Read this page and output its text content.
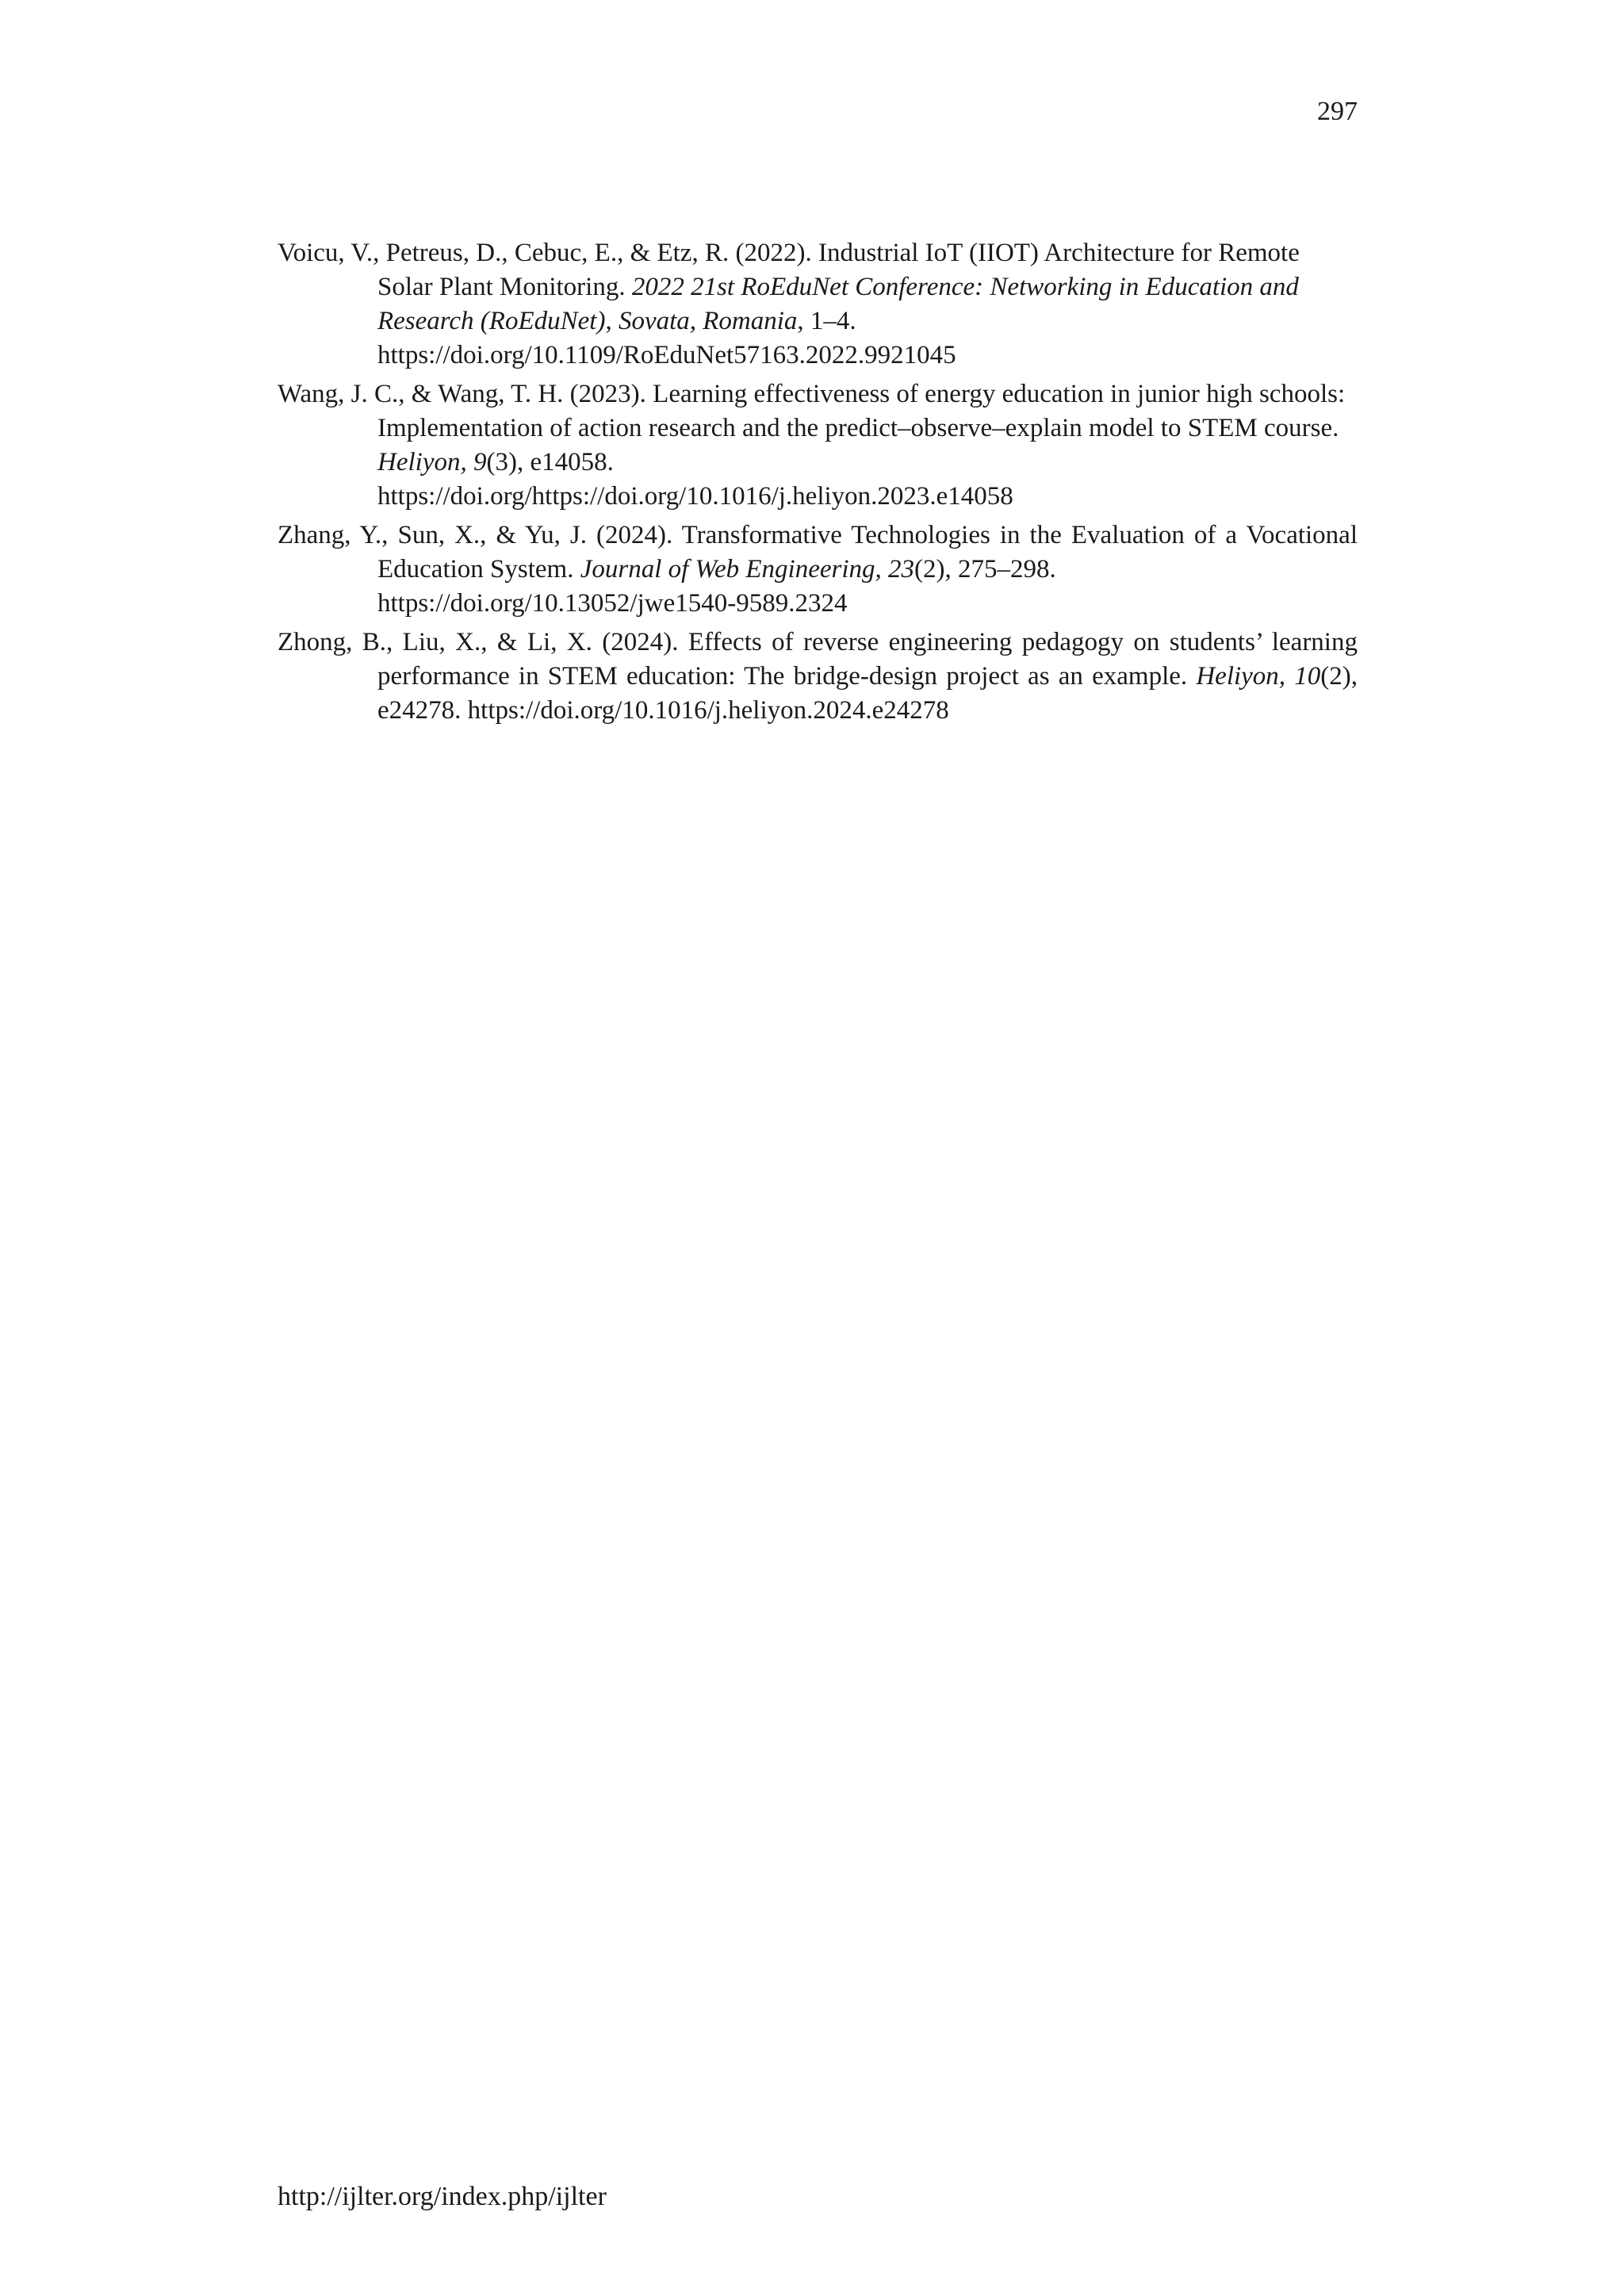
297

Voicu, V., Petreus, D., Cebuc, E., & Etz, R. (2022). Industrial IoT (IIOT) Architecture for Remote Solar Plant Monitoring. 2022 21st RoEduNet Conference: Networking in Education and Research (RoEduNet), Sovata, Romania, 1–4.
https://doi.org/10.1109/RoEduNet57163.2022.9921045

Wang, J. C., & Wang, T. H. (2023). Learning effectiveness of energy education in junior high schools: Implementation of action research and the predict–observe–explain model to STEM course. Heliyon, 9(3), e14058.
https://doi.org/https://doi.org/10.1016/j.heliyon.2023.e14058

Zhang, Y., Sun, X., & Yu, J. (2024). Transformative Technologies in the Evaluation of a Vocational Education System. Journal of Web Engineering, 23(2), 275–298.
https://doi.org/10.13052/jwe1540-9589.2324

Zhong, B., Liu, X., & Li, X. (2024). Effects of reverse engineering pedagogy on students’ learning performance in STEM education: The bridge-design project as an example. Heliyon, 10(2), e24278. https://doi.org/10.1016/j.heliyon.2024.e24278

http://ijlter.org/index.php/ijlter
